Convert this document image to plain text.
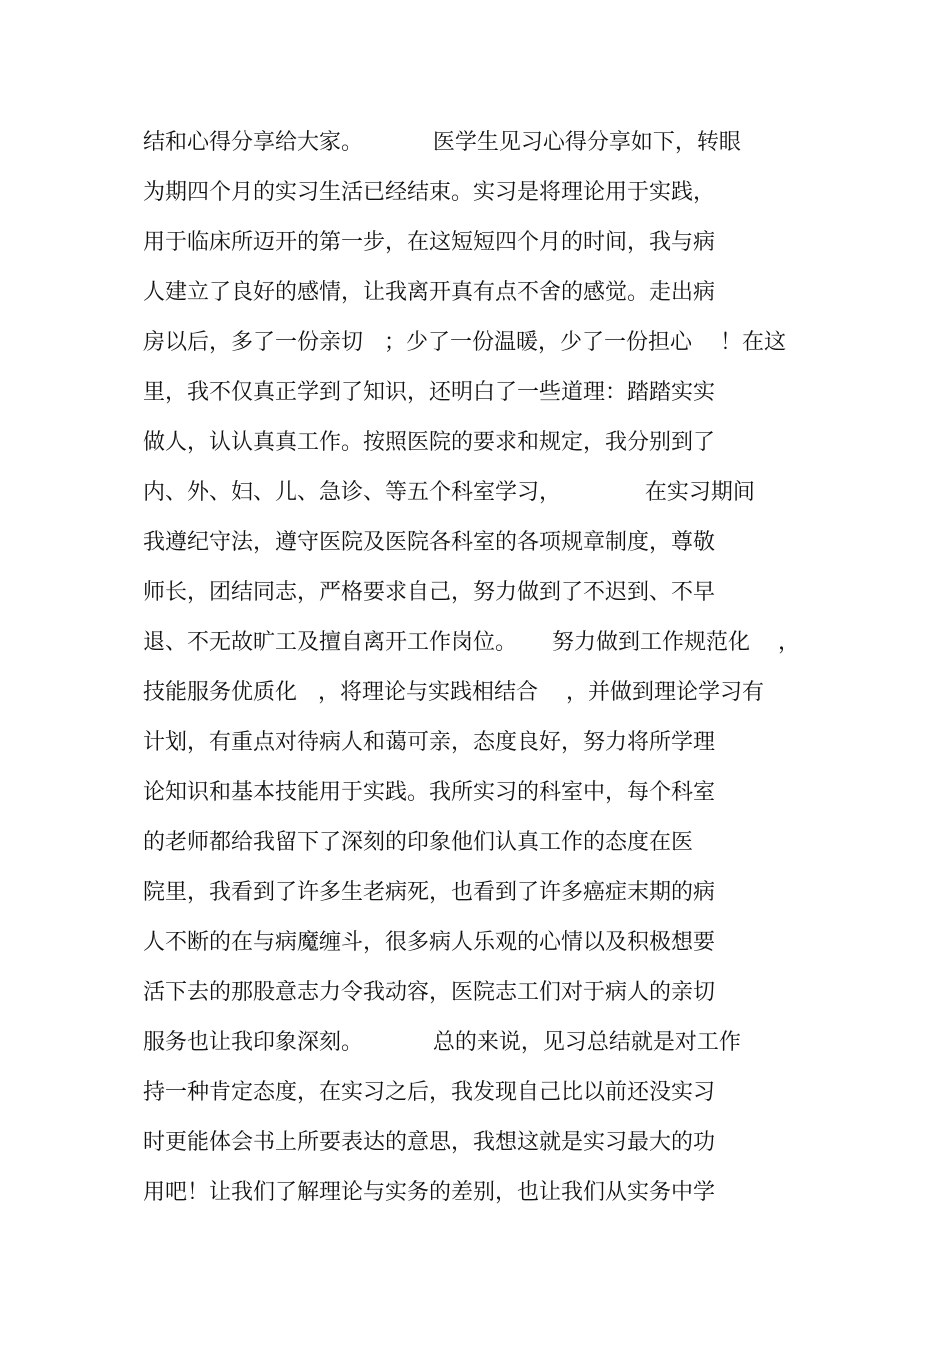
结和心得分享给大家。          医学生见习心得分享如下，转眼
为期四个月的实习生活已经结束。实习是将理论用于实践，
用于临床所迈开的第一步，在这短短四个月的时间，我与病
人建立了良好的感情，让我离开真有点不舍的感觉。走出病
房以后，多了一份亲切   ；少了一份温暖，少了一份担心    ！在这
里，我不仅真正学到了知识，还明白了一些道理：踏踏实实
做人，认认真真工作。按照医院的要求和规定，我分别到了
内、外、妇、儿、急诊、等五个科室学习，            在实习期间
我遵纪守法，遵守医院及医院各科室的各项规章制度，尊敬
师长，团结同志，严格要求自己，努力做到了不迟到、不早
退、不无故旷工及擅自离开工作岗位。     努力做到工作规范化    ，
技能服务优质化   ，将理论与实践相结合    ，并做到理论学习有
计划，有重点对待病人和蔼可亲，态度良好，努力将所学理
论知识和基本技能用于实践。我所实习的科室中，每个科室
的老师都给我留下了深刻的印象他们认真工作的态度在医
院里，我看到了许多生老病死，也看到了许多癌症末期的病
人不断的在与病魔缠斗，很多病人乐观的心情以及积极想要
活下去的那股意志力令我动容，医院志工们对于病人的亲切
服务也让我印象深刻。          总的来说，见习总结就是对工作
持一种肯定态度，在实习之后，我发现自己比以前还没实习
时更能体会书上所要表达的意思，我想这就是实习最大的功
用吧！让我们了解理论与实务的差别，也让我们从实务中学
